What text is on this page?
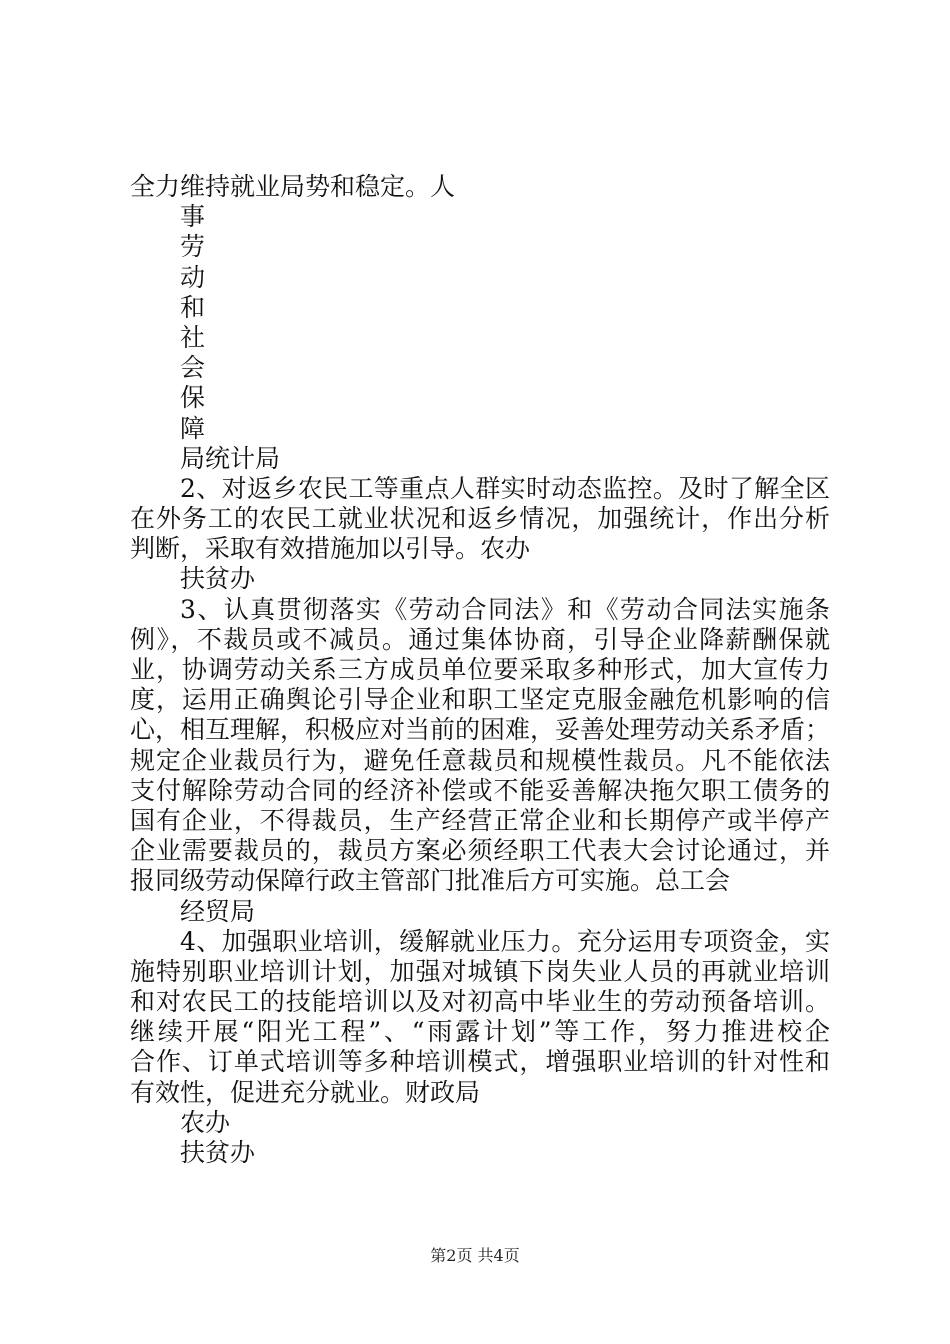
全力维持就业局势和稳定。人
事
劳
动
和
社
会
保
障
局统计局
2、对返乡农民工等重点人群实时动态监控。及时了解全区
在外务工的农民工就业状况和返乡情况，加强统计，作出分析
判断，采取有效措施加以引导。农办
扶贫办
3、认真贯彻落实《劳动合同法》和《劳动合同法实施条
例》，不裁员或不减员。通过集体协商，引导企业降薪酬保就
业，协调劳动关系三方成员单位要采取多种形式，加大宣传力
度，运用正确舆论引导企业和职工坚定克服金融危机影响的信
心，相互理解，积极应对当前的困难，妥善处理劳动关系矛盾；
规定企业裁员行为，避免任意裁员和规模性裁员。凡不能依法
支付解除劳动合同的经济补偿或不能妥善解决拖欠职工债务的
国有企业，不得裁员，生产经营正常企业和长期停产或半停产
企业需要裁员的，裁员方案必须经职工代表大会讨论通过，并
报同级劳动保障行政主管部门批准后方可实施。总工会
经贸局
4、加强职业培训，缓解就业压力。充分运用专项资金，实
施特别职业培训计划，加强对城镇下岗失业人员的再就业培训
和对农民工的技能培训以及对初高中毕业生的劳动预备培训。
继续开展“阳光工程”、“雨露计划”等工作，努力推进校企
合作、订单式培训等多种培训模式，增强职业培训的针对性和
有效性，促进充分就业。财政局
农办
扶贫办
第2页 共4页
